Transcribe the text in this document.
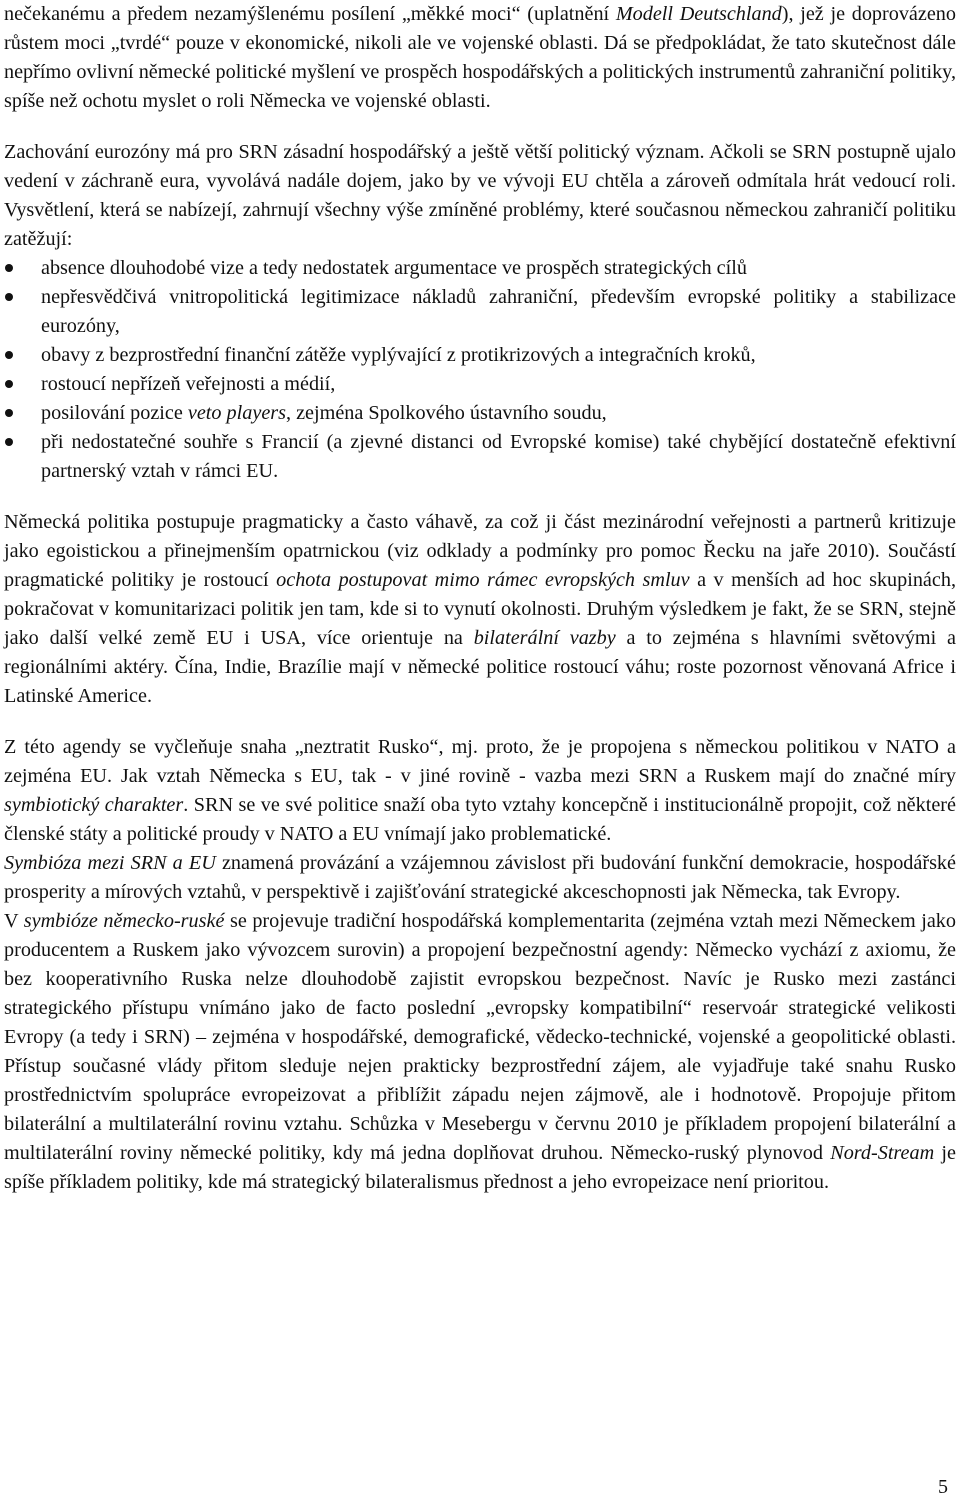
nečekanému a předem nezamýšlenému posílení „měkké moci“ (uplatnění Modell Deutschland), jež je doprovázeno růstem moci „tvrdé“ pouze v ekonomické, nikoli ale ve vojenské oblasti. Dá se předpokládat, že tato skutečnost dále nepřímo ovlivní německé politické myšlení ve prospěch hospodářských a politických instrumentů zahraniční politiky, spíše než ochotu myslet o roli Německa ve vojenské oblasti.

Zachování eurozóny má pro SRN zásadní hospodářský a ještě větší politický význam. Ačkoli se SRN postupně ujalo vedení v záchraně eura, vyvolává nadále dojem, jako by ve vývoji EU chtěla a zároveň odmítala hrát vedoucí roli. Vysvětlení, která se nabízejí, zahrnují všechny výše zmíněné problémy, které současnou německou zahraničí politiku zatěžují:

absence dlouhodobé vize a tedy nedostatek argumentace ve prospěch strategických cílů
nepřesvědčivá vnitropolitická legitimizace nákladů zahraniční, především evropské politiky a stabilizace eurozóny,
obavy z bezprostřední finanční zátěže vyplývající z protikrizových a integračních kroků,
rostoucí nepřízeň veřejnosti a médií,
posilování pozice veto players, zejména Spolkového ústavního soudu,
při nedostatečné souhře s Francií (a zjevné distanci od Evropské komise) také chybějící dostatečně efektivní partnerský vztah v rámci EU.

Německá politika postupuje pragmaticky a často váhavě, za což ji část mezinárodní veřejnosti a partnerů kritizuje jako egoistickou a přinejmenším opatrnickou (viz odklady a podmínky pro pomoc Řecku na jaře 2010). Součástí pragmatické politiky je rostoucí ochota postupovat mimo rámec evropských smluv a v menších ad hoc skupinách, pokračovat v komunitarizaci politik jen tam, kde si to vynutí okolnosti. Druhým výsledkem je fakt, že se SRN, stejně jako další velké země EU i USA, více orientuje na bilaterální vazby a to zejména s hlavními světovými a regionálními aktéry. Čína, Indie, Brazílie mají v německé politice rostoucí váhu; roste pozornost věnovaná Africe i Latinské Americe.

Z této agendy se vyčleňuje snaha „neztratit Rusko“, mj. proto, že je propojena s německou politikou v NATO a zejména EU. Jak vztah Německa s EU, tak - v jiné rovině - vazba mezi SRN a Ruskem mají do značné míry symbiotický charakter. SRN se ve své politice snaží oba tyto vztahy koncepčně i institucionálně propojit, což některé členské státy a politické proudy v NATO a EU vnímají jako problematické.

Symbióza mezi SRN a EU znamená provázání a vzájemnou závislost při budování funkční demokracie, hospodářské prosperity a mírových vztahů, v perspektivě i zajišťování strategické akceschopnosti jak Německa, tak Evropy.

V symbióze německo-ruské se projevuje tradiční hospodářská komplementarita (zejména vztah mezi Německem jako producentem a Ruskem jako vývozcem surovin) a propojení bezpečnostní agendy: Německo vychází z axiomu, že bez kooperativního Ruska nelze dlouhodobě zajistit evropskou bezpečnost. Navíc je Rusko mezi zastánci strategického přístupu vnímáno jako de facto poslední „evropsky kompatibilní“ reservoár strategické velikosti Evropy (a tedy i SRN) – zejména v hospodářské, demografické, vědecko-technické, vojenské a geopolitické oblasti. Přístup současné vlády přitom sleduje nejen prakticky bezprostřední zájem, ale vyjadřuje také snahu Rusko prostřednictvím spolupráce evropeizovat a přiblížit západu nejen zájmově, ale i hodnotově. Propojuje přitom bilaterální a multilaterální rovinu vztahu. Schůzka v Mesebergu v červnu 2010 je příkladem propojení bilaterální a multilaterální roviny německé politiky, kdy má jedna doplňovat druhou. Německo-ruský plynovod Nord-Stream je spíše příkladem politiky, kde má strategický bilateralismus přednost a jeho evropeizace není prioritou.

5
